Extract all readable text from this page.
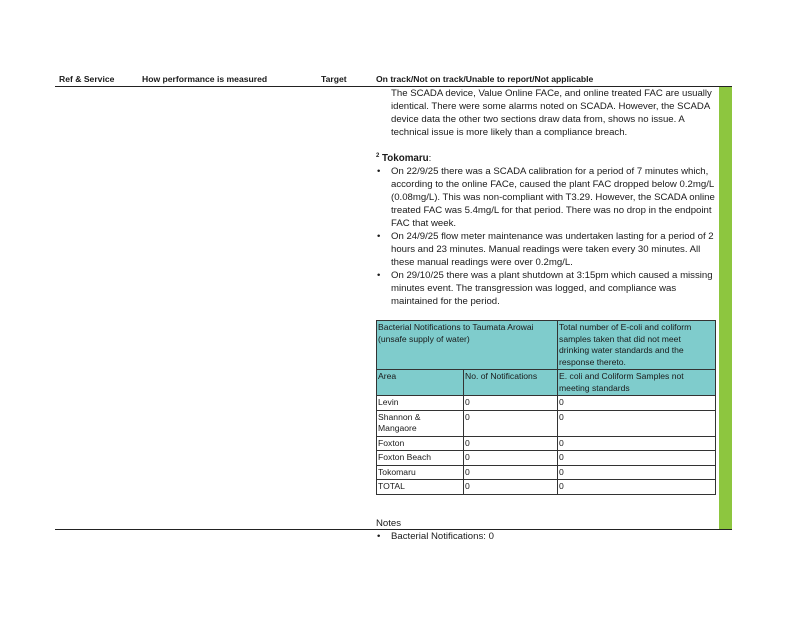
Ref & Service	How performance is measured	Target	On track/Not on track/Unable to report/Not applicable

The SCADA device, Value Online FACe, and online treated FAC are usually identical. There were some alarms noted on SCADA. However, the SCADA device data the other two sections draw data from, shows no issue. A technical issue is more likely than a compliance breach.

$^2$ Tokomaru:
• On 22/9/25 there was a SCADA calibration for a period of 7 minutes which, according to the online FACe, caused the plant FAC dropped below 0.2mg/L (0.08mg/L). This was non-compliant with T3.29. However, the SCADA online treated FAC was 5.4mg/L for that period. There was no drop in the endpoint FAC that week.
• On 24/9/25 flow meter maintenance was undertaken lasting for a period of 2 hours and 23 minutes. Manual readings were taken every 30 minutes. All these manual readings were over 0.2mg/L.
• On 29/10/25 there was a plant shutdown at 3:15pm which caused a missing minutes event. The transgression was logged, and compliance was maintained for the period.
Bacterial Notifications to Taumata Arowai (unsafe supply of water)		Total number of E-coli and coliform samples taken that did not meet drinking water standards and the response thereto.
Area	No. of Notifications	E. coli and Coliform Samples not meeting standards
Levin	0	0
Shannon & Mangaore	0	0
Foxton	0	0
Foxton Beach	0	0
Tokomaru	0	0
TOTAL	0	0
Notes
• Bacterial Notifications: 0
